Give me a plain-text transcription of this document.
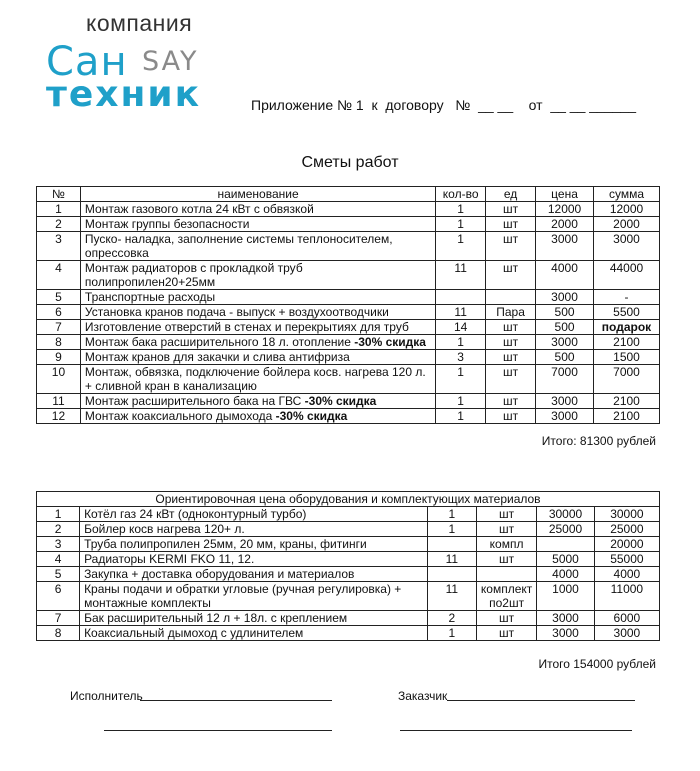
компания
Сан SAY
техник	Приложение № 1  к  договору   №  __ __    от  __ __ ______
Сметы работ
№	наименование	кол-во	ед	цена	сумма
1	Монтаж газового котла 24 кВт с обвязкой	1	шт	12000	12000
2	Монтаж группы безопасности	1	шт	2000	2000
3	Пуско- наладка, заполнение системы теплоносителем, опрессовка	1	шт	3000	3000
4	Монтаж радиаторов с прокладкой труб полипропилен20+25мм	11	шт	4000	44000
5	Транспортные расходы			3000	-
6	Установка кранов подача - выпуск + воздухоотводчики	11	Пара	500	5500
7	Изготовление отверстий в стенах и перекрытиях для труб	14	шт	500	подарок
8	Монтаж бака расширительного 18 л. отопление -30% скидка	1	шт	3000	2100
9	Монтаж кранов для закачки и слива антифриза	3	шт	500	1500
10	Монтаж, обвязка, подключение бойлера косв. нагрева 120 л. + сливной кран в канализацию	1	шт	7000	7000
11	Монтаж расширительного бака на ГВС -30% скидка	1	шт	3000	2100
12	Монтаж коаксиального дымохода -30% скидка	1	шт	3000	2100
Итого: 81300 рублей
Ориентировочная цена оборудования и комплектующих материалов					
1	Котёл газ 24 кВт (одноконтурный турбо)	1	шт	30000	30000
2	Бойлер косв нагрева 120+ л.	1	шт	25000	25000
3	Труба полипропилен 25мм, 20 мм, краны, фитинги		компл		20000
4	Радиаторы KERMI FKO 11, 12.	11	шт	5000	55000
5	Закупка + доставка оборудования и материалов			4000	4000
6	Краны подачи и обратки угловые (ручная регулировка) + монтажные комплекты	11	комплект по2шт	1000	11000
7	Бак расширительный 12 л + 18л. с креплением	2	шт	3000	6000
8	Коаксиальный дымоход с удлинителем	1	шт	3000	3000
Итого 154000 рублей
Исполнитель	Заказчик
